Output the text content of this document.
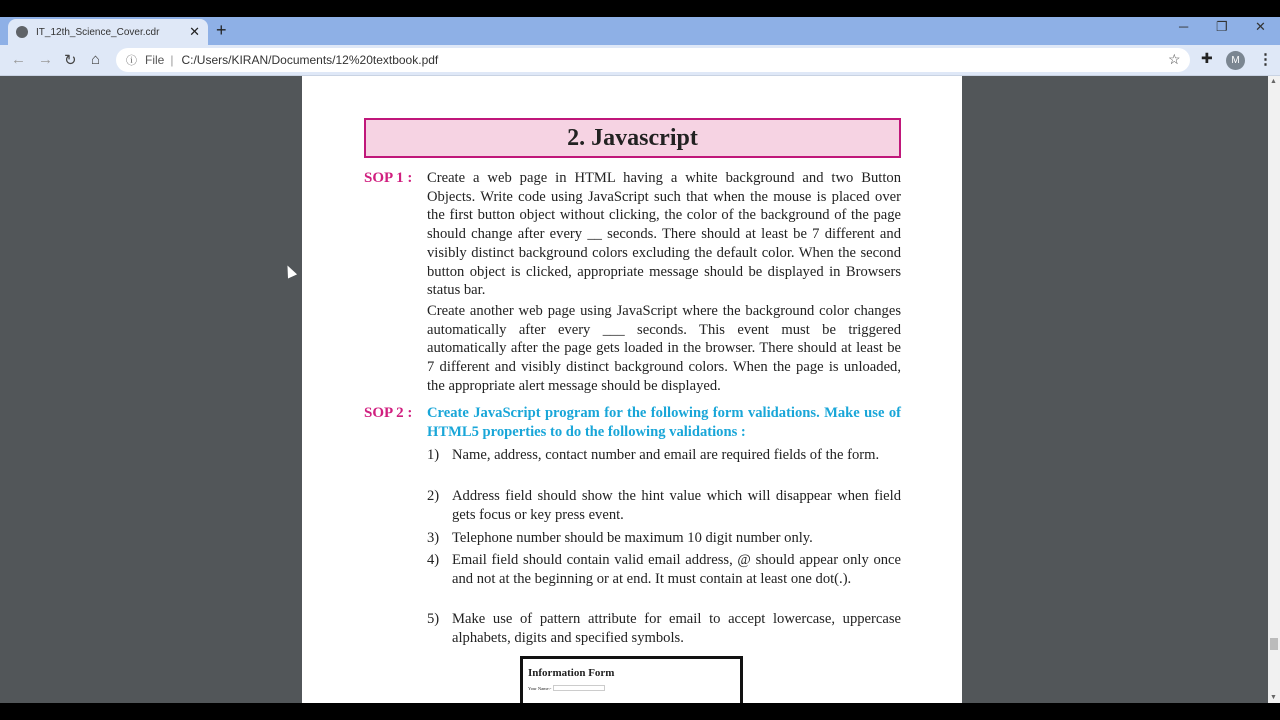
IT_12th_Science_Cover.cdr	✕ +	─ ❐ ✕
← → ↻ ⌂ ⓘ File | C:/Users/KIRAN/Documents/12%20textbook.pdf	☆ ✚	M	⋮
2. Javascript
SOP 1 : Create a web page in HTML having a white background and two Button Objects. Write code using JavaScript such that when the mouse is placed over the first button object without clicking, the color of the background of the page should change after every __ seconds. There should at least be 7 different and visibly distinct background colors excluding the default color. When the second button object is clicked, appropriate message should be displayed in Browsers status bar.
Create another web page using JavaScript where the background color changes automatically after every ___ seconds. This event must be triggered automatically after the page gets loaded in the browser. There should at least be 7 different and visibly distinct background colors. When the page is unloaded, the appropriate alert message should be displayed.
SOP 2 : Create JavaScript program for the following form validations. Make use of HTML5 properties to do the following validations :
1) Name, address, contact number and email are required fields of the form.
2) Address field should show the hint value which will disappear when field gets focus or key press event.
3) Telephone number should be maximum 10 digit number only.
4) Email field should contain valid email address, @ should appear only once and not at the beginning or at end. It must contain at least one dot(.).
5) Make use of pattern attribute for email to accept lowercase, uppercase alphabets, digits and specified symbols.
Information Form
Your Name:-
▲
▼
